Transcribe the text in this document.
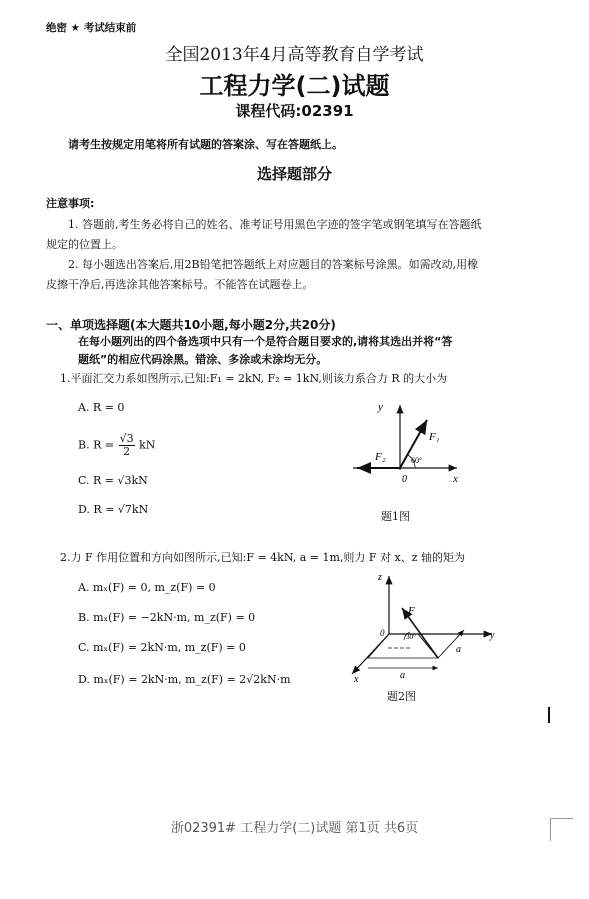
绝密 ★ 考试结束前
全国2013年4月高等教育自学考试
工程力学(二)试题
课程代码:02391
请考生按规定用笔将所有试题的答案涂、写在答题纸上。
选择题部分
注意事项:
1. 答题前,考生务必将自己的姓名、准考证号用黑色字迹的签字笔或钢笔填写在答题纸
规定的位置上。
2. 每小题选出答案后,用2B铅笔把答题纸上对应题目的答案标号涂黑。如需改动,用橡
皮擦干净后,再选涂其他答案标号。不能答在试题卷上。
一、单项选择题(本大题共10小题,每小题2分,共20分)
在每小题列出的四个备选项中只有一个是符合题目要求的,请将其选出并将“答
题纸”的相应代码涂黑。错涂、多涂或未涂均无分。
1.平面汇交力系如图所示,已知:F₁ = 2kN, F₂ = 1kN,则该力系合力 R 的大小为
A. R = 0
B. $R = \frac{√3}{2}$ kN
C. R = √3kN
D. R = √7kN
y
x
0
F₁
F₂	60°
题1图
2.力 F 作用位置和方向如图所示,已知:F = 4kN, a = 1m,则力 F 对 x、z 轴的矩为
A. mₓ(F) = 0, m_z(F) = 0
B. mₓ(F) = −2kN·m, m_z(F) = 0
C. mₓ(F) = 2kN·m, m_z(F) = 0
D. mₓ(F) = 2kN·m, m_z(F) = 2√2kN·m
z
y
x
0
F
30°
a
a
题2图
浙02391# 工程力学(二)试题 第1页 共6页
